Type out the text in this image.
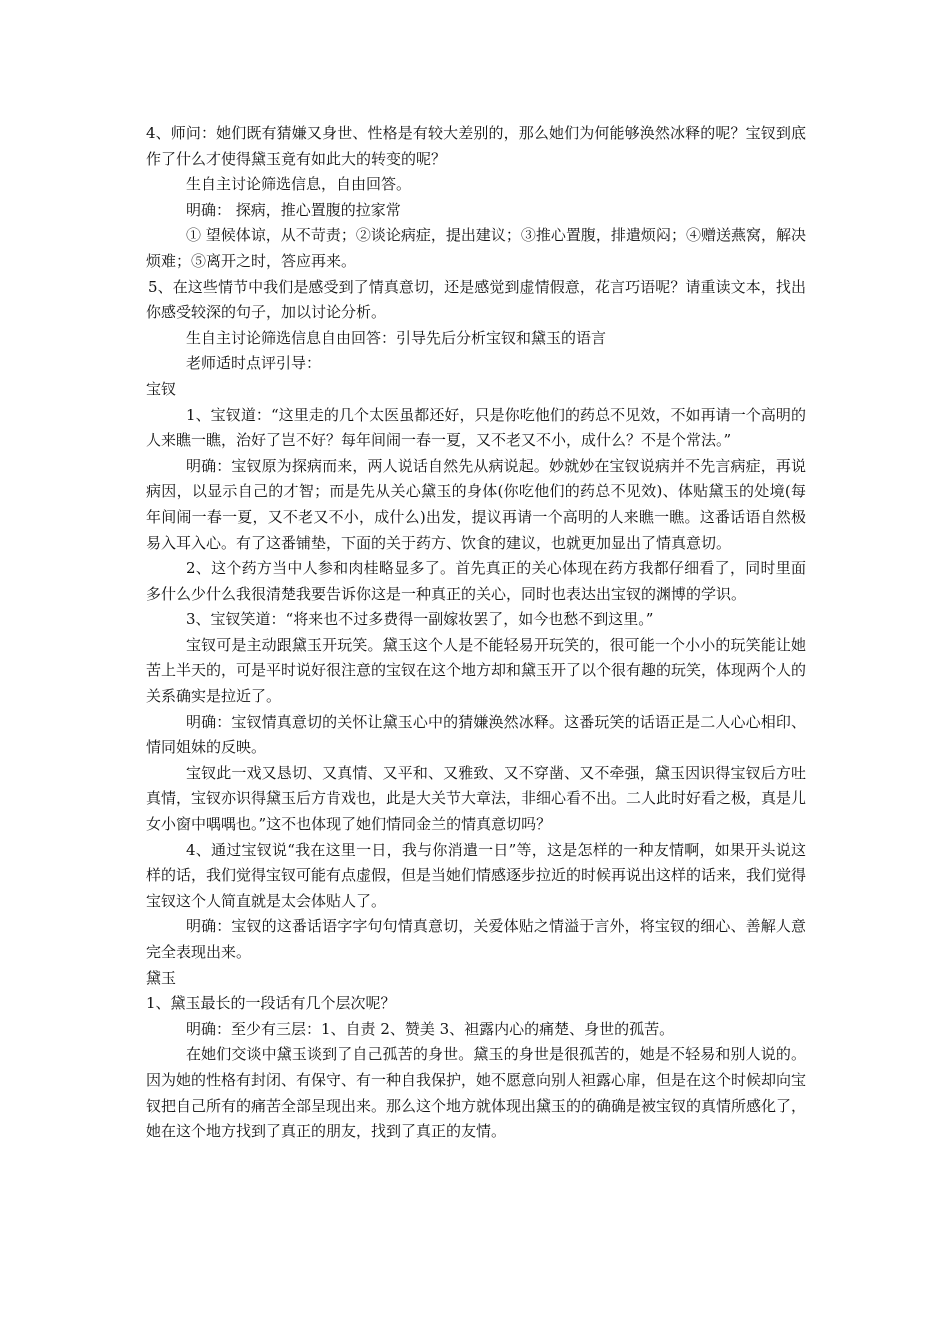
4、师问：她们既有猜嫌又身世、性格是有较大差别的，那么她们为何能够涣然冰释的呢？宝钗到底作了什么才使得黛玉竟有如此大的转变的呢？

生自主讨论筛选信息，自由回答。

明确： 探病，推心置腹的拉家常

① 望候体谅，从不苛责；②谈论病症，提出建议；③推心置腹，排遣烦闷；④赠送燕窝，解决烦难；⑤离开之时，答应再来。

5、在这些情节中我们是感受到了情真意切，还是感觉到虚情假意，花言巧语呢？请重读文本，找出你感受较深的句子，加以讨论分析。

生自主讨论筛选信息自由回答：引导先后分析宝钗和黛玉的语言

老师适时点评引导：

宝钗

1、宝钗道：“这里走的几个太医虽都还好，只是你吃他们的药总不见效，不如再请一个高明的人来瞧一瞧，治好了岂不好？每年间闹一春一夏，又不老又不小，成什么？不是个常法。”

明确：宝钗原为探病而来，两人说话自然先从病说起。妙就妙在宝钗说病并不先言病症，再说病因，以显示自己的才智；而是先从关心黛玉的身体(你吃他们的药总不见效)、体贴黛玉的处境(每年间闹一春一夏，又不老又不小，成什么)出发，提议再请一个高明的人来瞧一瞧。这番话语自然极易入耳入心。有了这番铺垫，下面的关于药方、饮食的建议，也就更加显出了情真意切。

2、这个药方当中人参和肉桂略显多了。首先真正的关心体现在药方我都仔细看了，同时里面多什么少什么我很清楚我要告诉你这是一种真正的关心，同时也表达出宝钗的渊博的学识。

3、宝钗笑道：“将来也不过多费得一副嫁妆罢了，如今也愁不到这里。”

宝钗可是主动跟黛玉开玩笑。黛玉这个人是不能轻易开玩笑的，很可能一个小小的玩笑能让她苦上半天的，可是平时说好很注意的宝钗在这个地方却和黛玉开了以个很有趣的玩笑，体现两个人的关系确实是拉近了。

明确：宝钗情真意切的关怀让黛玉心中的猜嫌涣然冰释。这番玩笑的话语正是二人心心相印、情同姐妹的反映。

宝钗此一戏又恳切、又真情、又平和、又雅致、又不穿凿、又不牵强，黛玉因识得宝钗后方吐真情，宝钗亦识得黛玉后方肯戏也，此是大关节大章法，非细心看不出。二人此时好看之极，真是儿女小窗中喁喁也。”这不也体现了她们情同金兰的情真意切吗？

4、通过宝钗说“我在这里一日，我与你消遣一日”等，这是怎样的一种友情啊，如果开头说这样的话，我们觉得宝钗可能有点虚假，但是当她们情感逐步拉近的时候再说出这样的话来，我们觉得宝钗这个人简直就是太会体贴人了。

明确：宝钗的这番话语字字句句情真意切，关爱体贴之情溢于言外，将宝钗的细心、善解人意完全表现出来。

黛玉

1、黛玉最长的一段话有几个层次呢？

明确：至少有三层：1、自责 2、赞美 3、袒露内心的痛楚、身世的孤苦。

在她们交谈中黛玉谈到了自己孤苦的身世。黛玉的身世是很孤苦的，她是不轻易和别人说的。因为她的性格有封闭、有保守、有一种自我保护，她不愿意向别人袒露心扉，但是在这个时候却向宝钗把自己所有的痛苦全部呈现出来。那么这个地方就体现出黛玉的的确确是被宝钗的真情所感化了，她在这个地方找到了真正的朋友，找到了真正的友情。
